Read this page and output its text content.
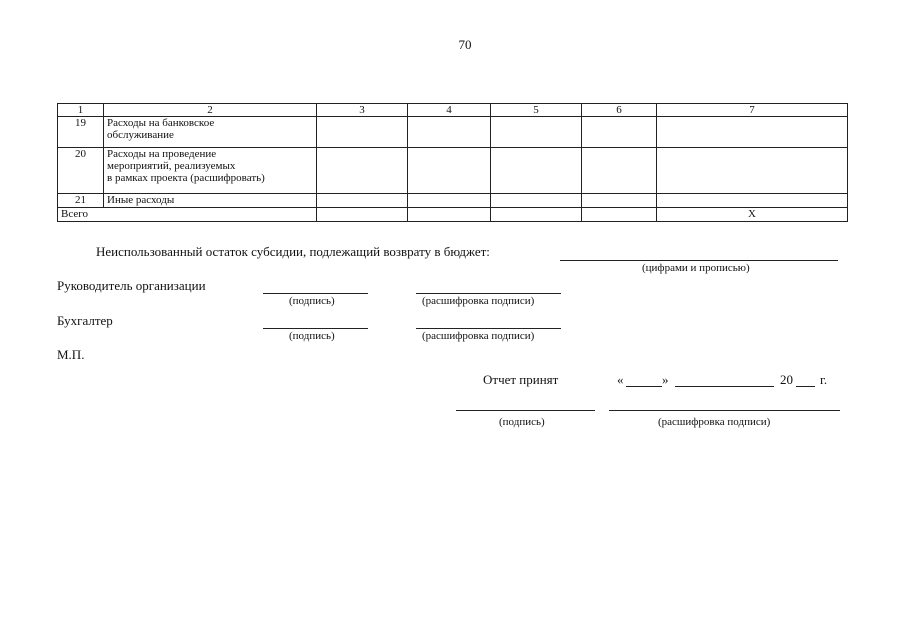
70
1	2	3	4	5	6	7
19	Расходы на банковское
обслуживание					

20	Расходы на проведение
мероприятий, реализуемых
в рамках проекта (расшифровать)					

21	Иные расходы					

Всего						Х
Неиспользованный остаток субсидии, подлежащий возврату в бюджет:
(цифрами и прописью)
Руководитель организации
(подпись)	(расшифровка подписи)
Бухгалтер
(подпись)	(расшифровка подписи)
М.П.
Отчет принят	«	»	20 г.
(подпись)	(расшифровка подписи)
